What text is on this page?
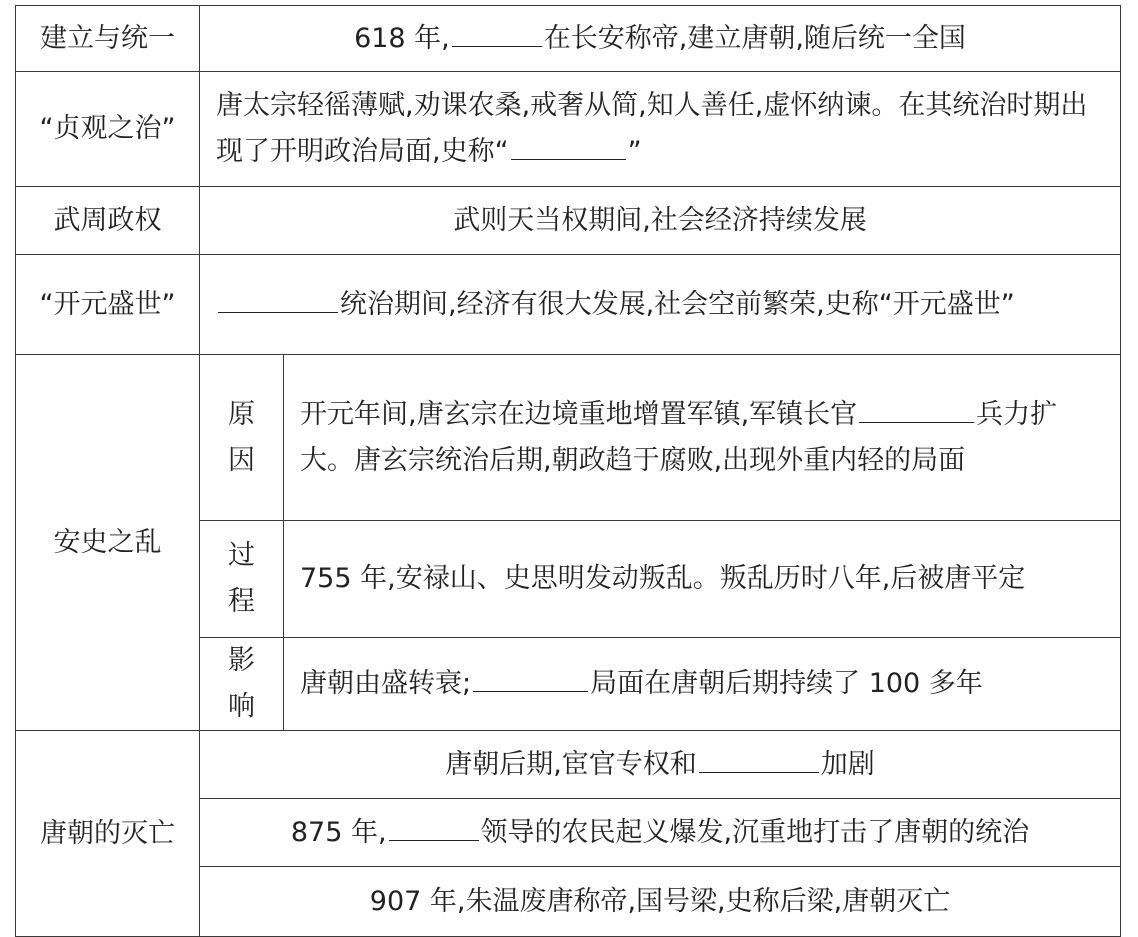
建立与统一	618 年, 在长安称帝,建立唐朝,随后统一全国	
“贞观之治”	唐太宗轻徭薄赋,劝课农桑,戒奢从简,知人善任,虚怀纳谏。在其统治时期出现了开明政治局面,史称“ ”	
武周政权	武则天当权期间,社会经济持续发展	
“开元盛世”	统治期间,经济有很大发展,社会空前繁荣,史称“开元盛世”	
安史之乱	原因	开元年间,唐玄宗在边境重地增置军镇,军镇长官 兵力扩大。唐玄宗统治后期,朝政趋于腐败,出现外重内轻的局面
	过程	755 年,安禄山、史思明发动叛乱。叛乱历时八年,后被唐平定
	影响	唐朝由盛转衰; 局面在唐朝后期持续了 100 多年
唐朝的灭亡	唐朝后期,宦官专权和 加剧	
	875 年, 领导的农民起义爆发,沉重地打击了唐朝的统治	
	907 年,朱温废唐称帝,国号梁,史称后梁,唐朝灭亡	
